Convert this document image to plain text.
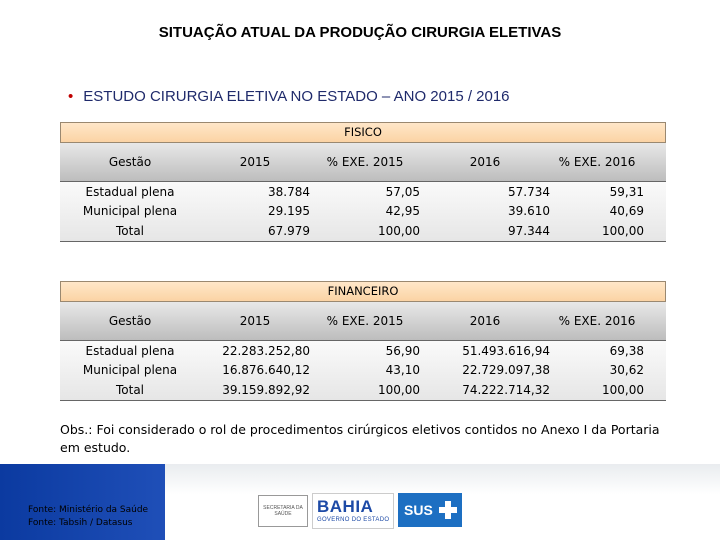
SITUAÇÃO ATUAL DA PRODUÇÃO CIRURGIA ELETIVAS
• ESTUDO CIRURGIA ELETIVA NO ESTADO – ANO 2015 / 2016
FISICO
Gestão	2015	% EXE. 2015	2016	% EXE. 2016
Estadual plena	38.784	57,05	57.734	59,31
Municipal plena	29.195	42,95	39.610	40,69
Total	67.979	100,00	97.344	100,00
FINANCEIRO
Gestão	2015	% EXE. 2015	2016	% EXE. 2016
Estadual plena	22.283.252,80	56,90	51.493.616,94	69,38
Municipal plena	16.876.640,12	43,10	22.729.097,38	30,62
Total	39.159.892,92	100,00	74.222.714,32	100,00
Obs.: Foi considerado o rol de procedimentos cirúrgicos eletivos contidos no Anexo I da Portaria em estudo.
Fonte: Ministério da Saúde
Fonte: Tabsih / Datasus
SECRETARIA DA SAÚDE	BAHIA
GOVERNO DO ESTADO
SUS
